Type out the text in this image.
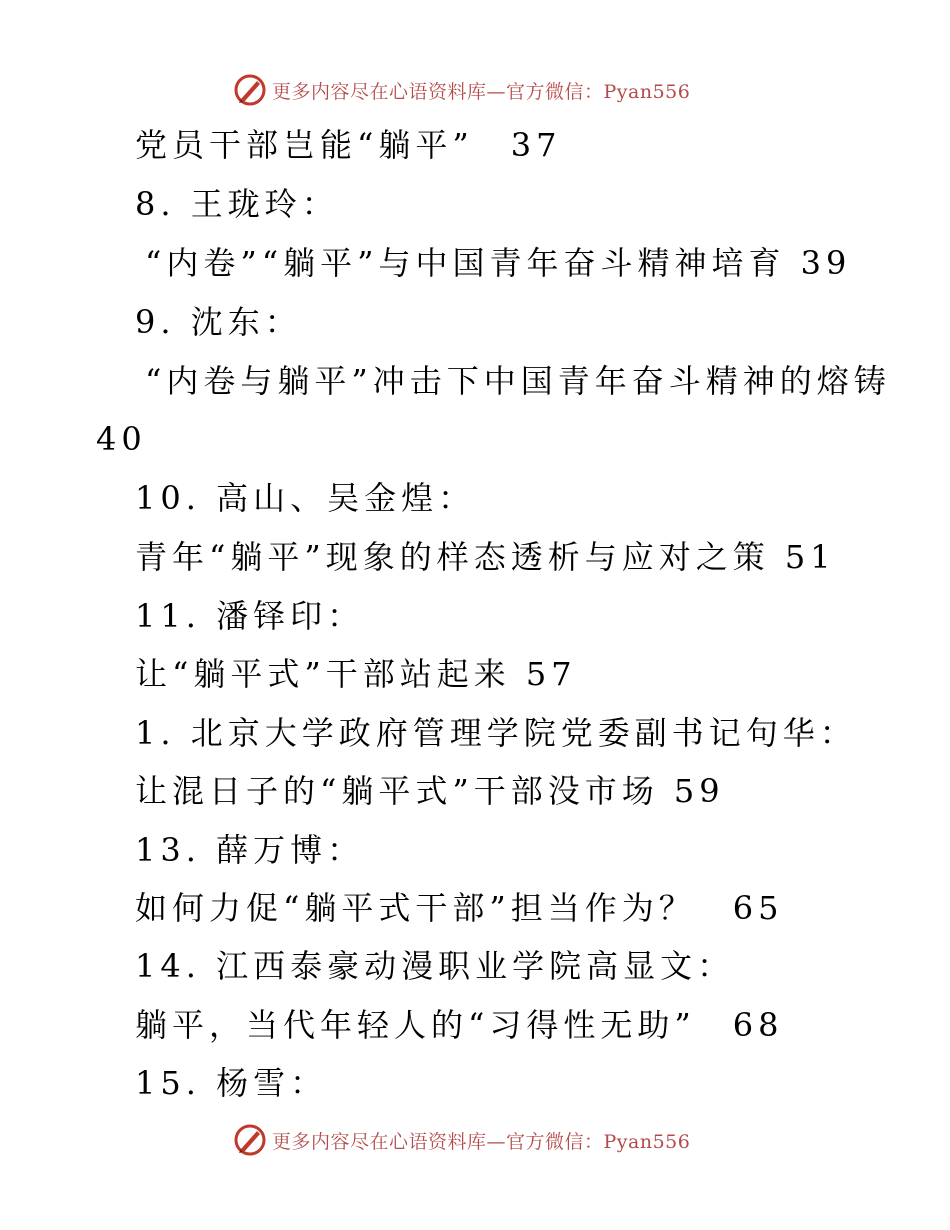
更多内容尽在心语资料库—官方微信：Pyan556
党员干部岂能“躺平”　37
8. 王珑玲：
“内卷”“躺平”与中国青年奋斗精神培育 39
9. 沈东：
“内卷与躺平”冲击下中国青年奋斗精神的熔铸
40
10. 高山、吴金煌：
青年“躺平”现象的样态透析与应对之策 51
11. 潘铎印：
让“躺平式”干部站起来 57
1. 北京大学政府管理学院党委副书记句华：
让混日子的“躺平式”干部没市场 59
13. 薛万博：
如何力促“躺平式干部”担当作为？　65
14. 江西泰豪动漫职业学院高显文：
躺平，当代年轻人的“习得性无助”　68
15. 杨雪：
更多内容尽在心语资料库—官方微信：Pyan556
